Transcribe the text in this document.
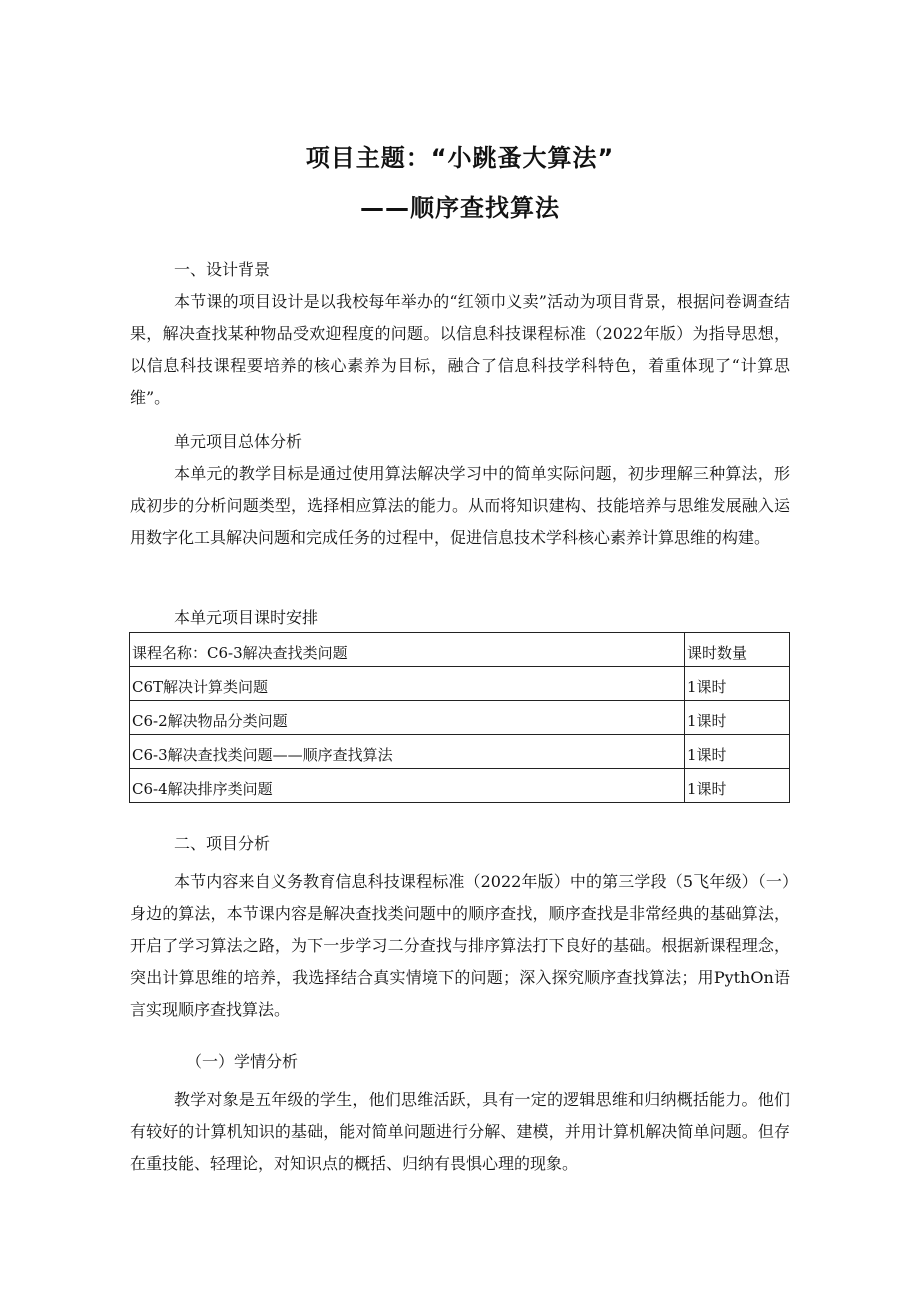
项目主题：“小跳蚤大算法”
——顺序查找算法

一、设计背景

本节课的项目设计是以我校每年举办的“红领巾义卖”活动为项目背景，根据问卷调查结果，解决查找某种物品受欢迎程度的问题。以信息科技课程标准（2022年版）为指导思想，以信息科技课程要培养的核心素养为目标，融合了信息科技学科特色，着重体现了“计算思维”。

单元项目总体分析

本单元的教学目标是通过使用算法解决学习中的简单实际问题，初步理解三种算法，形成初步的分析问题类型，选择相应算法的能力。从而将知识建构、技能培养与思维发展融入运用数字化工具解决问题和完成任务的过程中，促进信息技术学科核心素养计算思维的构建。

本单元项目课时安排

课程名称：C6-3解决查找类问题	课时数量
C6T解决计算类问题	1课时
C6-2解决物品分类问题	1课时
C6-3解决查找类问题——顺序查找算法	1课时
C6-4解决排序类问题	1课时

二、项目分析

本节内容来自义务教育信息科技课程标准（2022年版）中的第三学段（5飞年级）（一）身边的算法，本节课内容是解决查找类问题中的顺序查找，顺序查找是非常经典的基础算法，开启了学习算法之路，为下一步学习二分查找与排序算法打下良好的基础。根据新课程理念，突出计算思维的培养，我选择结合真实情境下的问题；深入探究顺序查找算法；用PythOn语言实现顺序查找算法。

（一）学情分析

教学对象是五年级的学生，他们思维活跃，具有一定的逻辑思维和归纳概括能力。他们有较好的计算机知识的基础，能对简单问题进行分解、建模，并用计算机解决简单问题。但存在重技能、轻理论，对知识点的概括、归纳有畏惧心理的现象。
